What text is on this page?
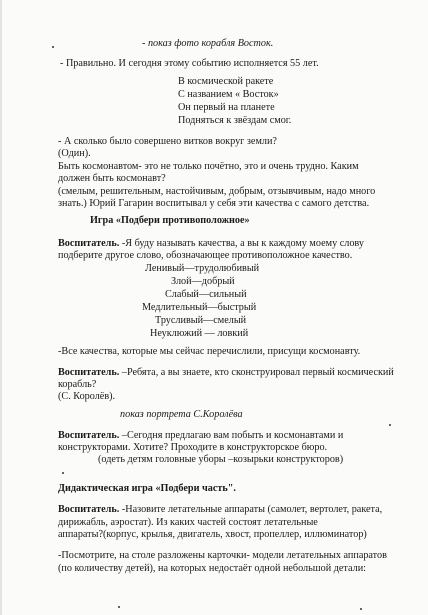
- показ фото корабля Восток.
- Правильно. И сегодня этому событию исполняется 55 лет.
В космической ракете
С названием « Восток»
Он первый на планете
Подняться к звёздам смог.
- А сколько было совершено витков вокруг земли?
(Один).
Быть космонавтом- это не только почётно, это и очень трудно. Каким
должен быть космонавт?
(смелым, решительным, настойчивым, добрым, отзывчивым, надо много
знать.) Юрий Гагарин воспитывал у себя эти качества с самого детства.
Игра «Подбери противоположное»
Воспитатель. -Я буду называть качества, а вы к каждому моему слову
подберите другое слово, обозначающее противоположное качество.
Ленивый—трудолюбивый
Злой—добрый
Слабый—сильный
Медлительный—быстрый
Трусливый—смелый
Неуклюжий — ловкий
-Все качества, которые мы сейчас перечислили, присущи космонавту.
Воспитатель. –Ребята, а вы знаете, кто сконструировал первый космический
корабль?
(С. Королёв).
показ портрета С.Королёва
Воспитатель. –Сегодня предлагаю вам побыть и космонавтами и
конструкторами. Хотите? Проходите в конструкторское бюро.
(одеть детям головные уборы –козырьки конструкторов)
Дидактическая игра «Подбери часть".
Воспитатель. -Назовите летательные аппараты (самолет, вертолет, ракета,
дирижабль, аэростат). Из каких частей состоят летательные
аппараты?(корпус, крылья, двигатель, хвост, пропеллер, иллюминатор)
-Посмотрите, на столе разложены карточки- модели летательных аппаратов
(по количеству детей), на которых недостаёт одной небольшой детали:
